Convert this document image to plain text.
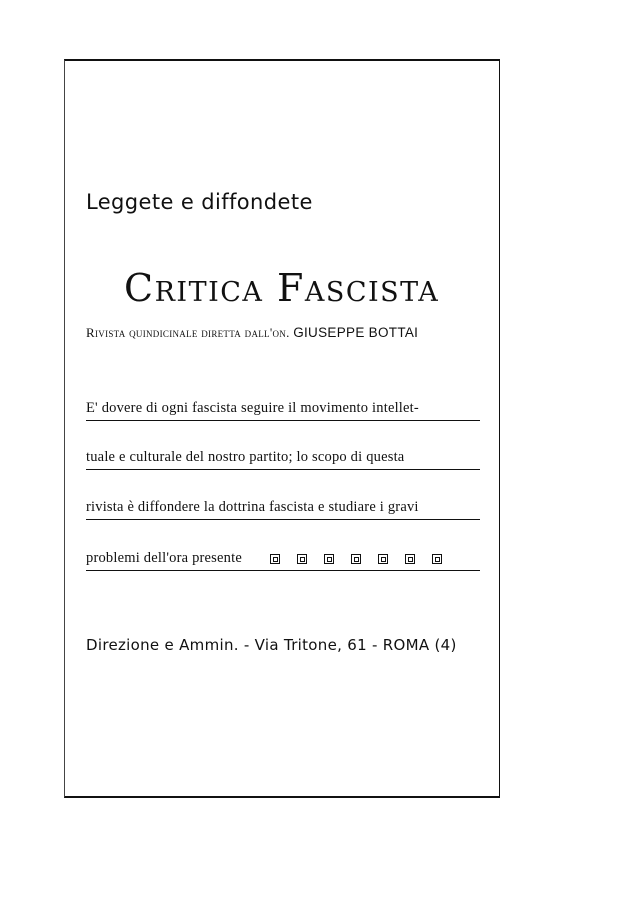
Leggete e diffondete
Critica Fascista
Rivista quindicinale diretta dall'on. GIUSEPPE BOTTAI
E' dovere di ogni fascista seguire il movimento intellet-
tuale e culturale del nostro partito; lo scopo di questa
rivista è diffondere la dottrina fascista e studiare i gravi
problemi dell'ora presente
Direzione e Ammin. - Via Tritone, 61 - ROMA (4)
